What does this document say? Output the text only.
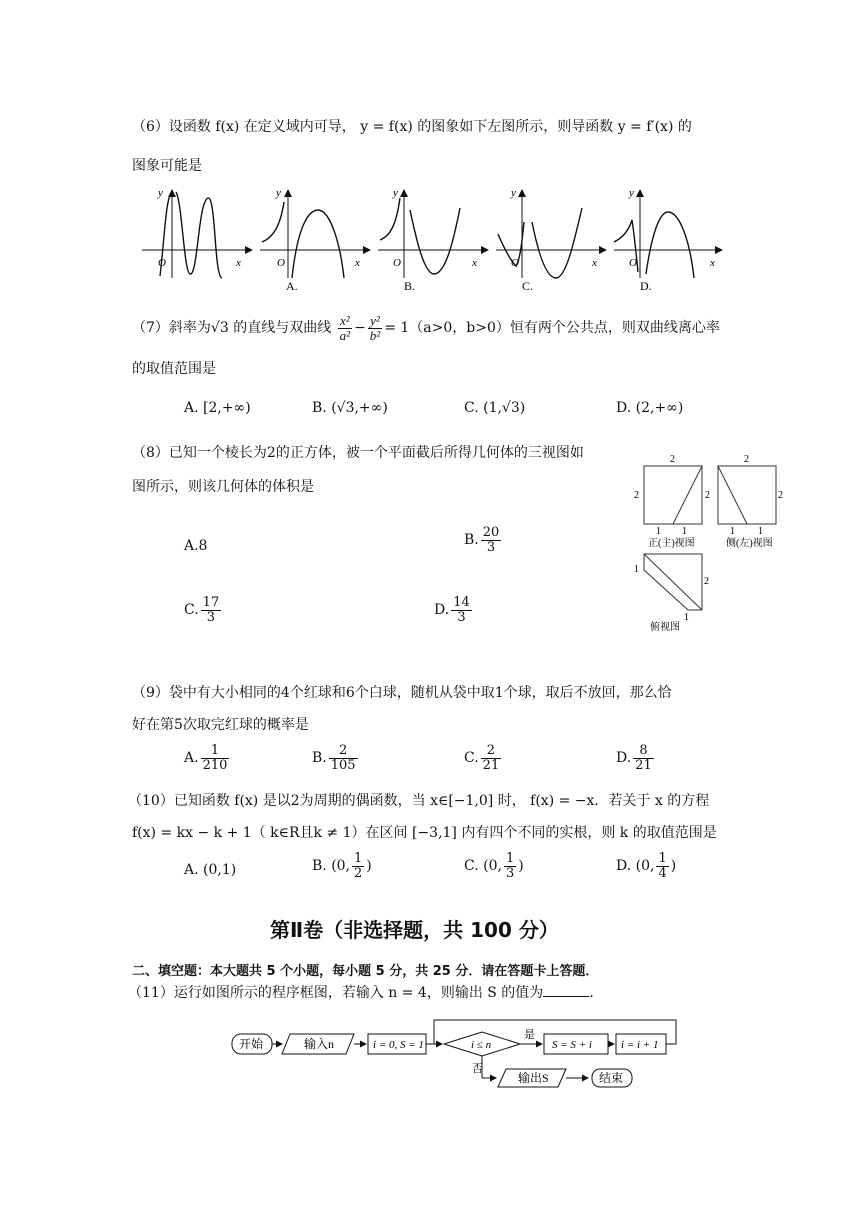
（6）设函数 f(x) 在定义域内可导， y = f(x) 的图象如下左图所示，则导函数 y = f′(x) 的
图象可能是
y
x
O
y
x
O
A.
y
x
O
B.
y
x
O
C.
y
x
O
D.
（7）斜率为√3 的直线与双曲线 $\frac{\text{x²}}{\text{a²}} - \frac{\text{y²}}{\text{b²}} = 1(a>0$，b>0）恒有两个公共点，则双曲线离心率
的取值范围是
A. [2,+∞)	B. (√3,+∞)	C. (1,√3)	D. (2,+∞)
（8）已知一个棱长为2的正方体，被一个平面截后所得几何体的三视图如
图所示，则该几何体的体积是
A.8	B. $\frac{20}{3}$
C. $\frac{17}{3}$	D. $\frac{14}{3}$
2	2
2	2	2
1 1	1 1
正(主)视图	侧(左)视图
1
2
1
俯视图
（9）袋中有大小相同的4个红球和6个白球，随机从袋中取1个球，取后不放回，那么恰
好在第5次取完红球的概率是
A. $\frac{1}{210}$	B. $\frac{2}{105}$	C. $\frac{2}{21}$	D. $\frac{8}{21}$
（10）已知函数 f(x) 是以2为周期的偶函数，当 x∈[−1,0] 时， f(x) = −x．若关于 x 的方程
f(x) = kx − k + 1（ k∈R且k ≠ 1）在区间 [−3,1] 内有四个不同的实根，则 k 的取值范围是
A. (0,1)	B. (0, $\frac{1}{2}$ )	C. (0, $\frac{1}{3}$ )	D. (0, $\frac{1}{4}$ )
第Ⅱ卷（非选择题，共 100 分）
二、填空题：本大题共 5 个小题，每小题 5 分，共 25 分．请在答题卡上答题．
（11）运行如图所示的程序框图，若输入 n = 4，则输出 S 的值为	．
开始	输入n	i = 0, S = 1	i ≤ n
是
否
S = S + i	i = i + 1
输出S	结束
